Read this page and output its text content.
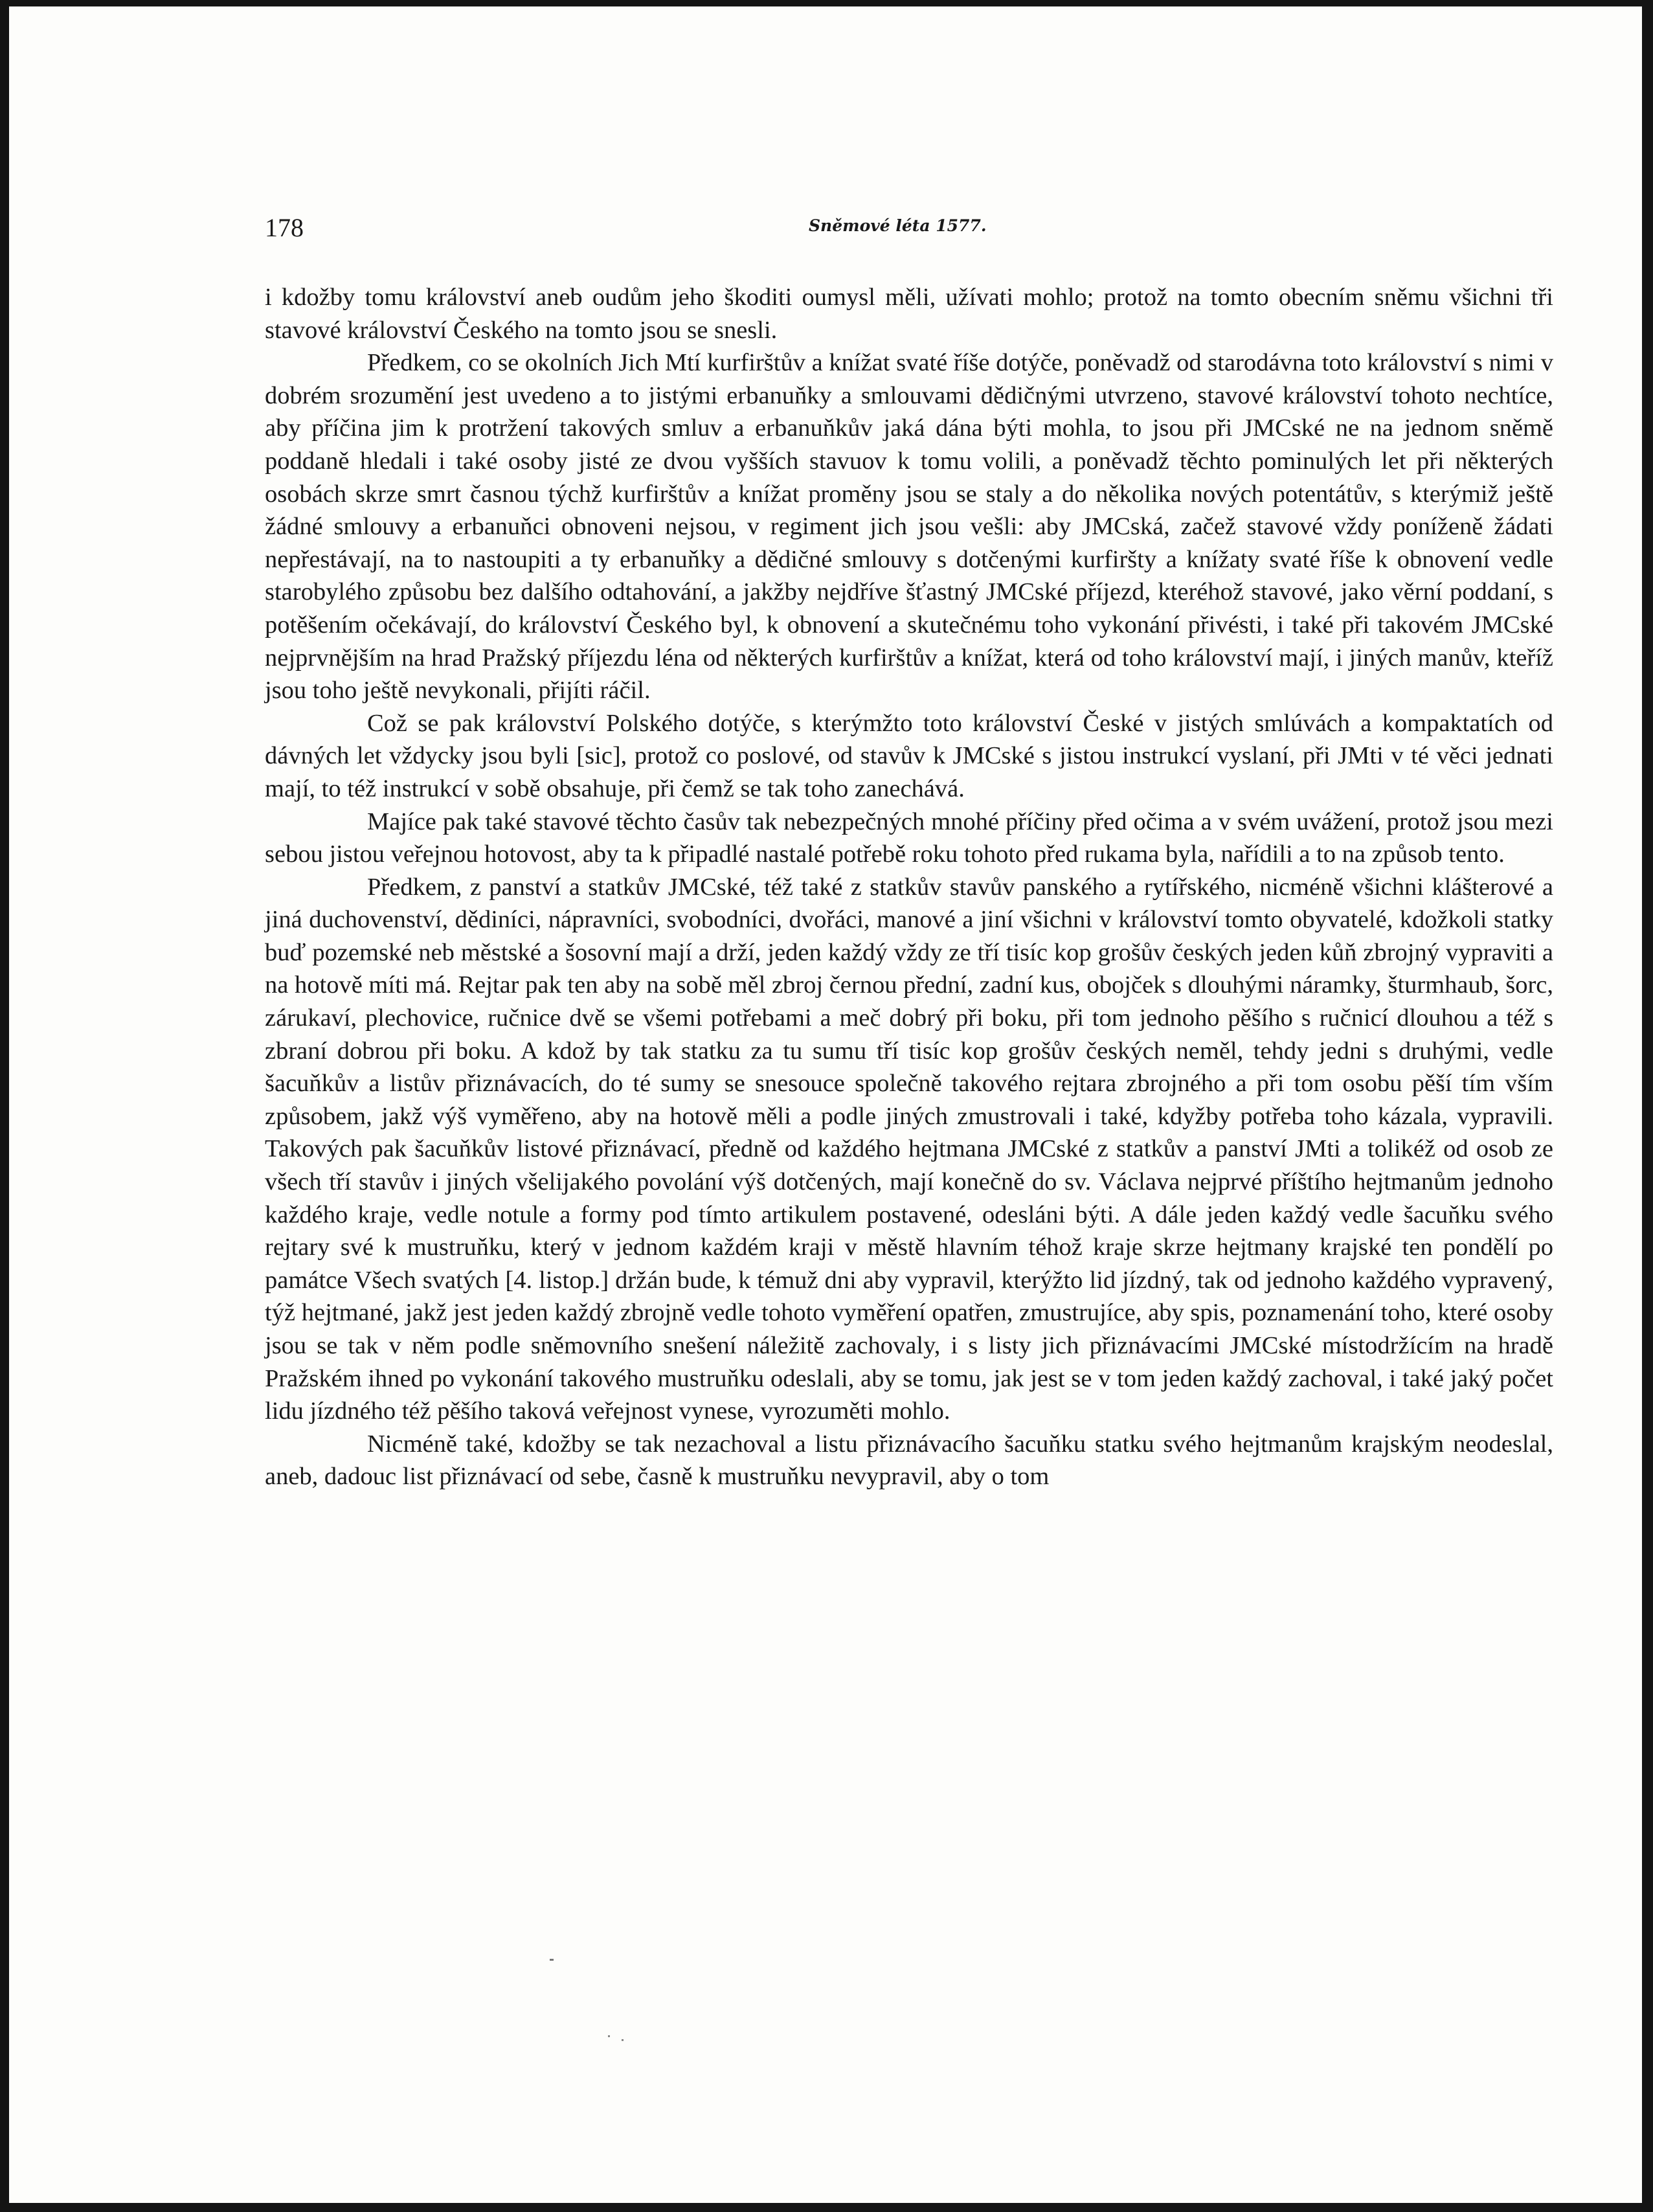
178	Sněmové léta 1577.

i kdožby tomu království aneb oudům jeho škoditi oumysl měli, užívati mohlo; protož na tomto obecním sněmu všichni tři stavové království Českého na tomto jsou se snesli.

Předkem, co se okolních Jich Mtí kurfirštův a knížat svaté říše dotýče, poněvadž od starodávna toto království s nimi v dobrém srozumění jest uvedeno a to jistými erbanuňky a smlouvami dědičnými utvrzeno, stavové království tohoto nechtíce, aby příčina jim k protržení takových smluv a erbanuňkův jaká dána býti mohla, to jsou při JMCské ne na jednom sněmě poddaně hledali i také osoby jisté ze dvou vyšších stavuov k tomu volili, a poněvadž těchto pominulých let při některých osobách skrze smrt časnou týchž kurfirštův a knížat proměny jsou se staly a do několika nových potentátův, s kterýmiž ještě žádné smlouvy a erbanuňci obnoveni nejsou, v regiment jich jsou vešli: aby JMCská, začež stavové vždy poníženě žádati nepřestávají, na to nastoupiti a ty erbanuňky a dědičné smlouvy s dotčenými kurfiršty a knížaty svaté říše k obnovení vedle starobylého způsobu bez dalšího odtahování, a jakžby nejdříve šťastný JMCské příjezd, kteréhož stavové, jako věrní poddaní, s potěšením očekávají, do království Českého byl, k obnovení a skutečnému toho vykonání přivésti, i také při takovém JMCské nejprvnějším na hrad Pražský příjezdu léna od některých kurfirštův a knížat, která od toho království mají, i jiných manův, kteříž jsou toho ještě nevykonali, přijíti ráčil.

Což se pak království Polského dotýče, s kterýmžto toto království České v jistých smlúvách a kompaktatích od dávných let vždycky jsou byli [sic], protož co poslové, od stavův k JMCské s jistou instrukcí vyslaní, při JMti v té věci jednati mají, to též instrukcí v sobě obsahuje, při čemž se tak toho zanechává.

Majíce pak také stavové těchto časův tak nebezpečných mnohé příčiny před očima a v svém uvážení, protož jsou mezi sebou jistou veřejnou hotovost, aby ta k připadlé nastalé potřebě roku tohoto před rukama byla, nařídili a to na způsob tento.

Předkem, z panství a statkův JMCské, též také z statkův stavův panského a rytířského, nicméně všichni klášterové a jiná duchovenství, dědiníci, nápravníci, svobodníci, dvořáci, manové a jiní všichni v království tomto obyvatelé, kdožkoli statky buď pozemské neb městské a šosovní mají a drží, jeden každý vždy ze tří tisíc kop grošův českých jeden kůň zbrojný vypraviti a na hotově míti má. Rejtar pak ten aby na sobě měl zbroj černou přední, zadní kus, obojček s dlouhými náramky, šturmhaub, šorc, zárukaví, plechovice, ručnice dvě se všemi potřebami a meč dobrý při boku, při tom jednoho pěšího s ručnicí dlouhou a též s zbraní dobrou při boku. A kdož by tak statku za tu sumu tří tisíc kop grošův českých neměl, tehdy jedni s druhými, vedle šacuňkův a listův přiznávacích, do té sumy se snesouce společně takového rejtara zbrojného a při tom osobu pěší tím vším způsobem, jakž výš vyměřeno, aby na hotově měli a podle jiných zmustrovali i také, kdyžby potřeba toho kázala, vypravili. Takových pak šacuňkův listové přiznávací, předně od každého hejtmana JMCské z statkův a panství JMti a tolikéž od osob ze všech tří stavův i jiných všelijakého povolání výš dotčených, mají konečně do sv. Václava nejprvé příštího hejtmanům jednoho každého kraje, vedle notule a formy pod tímto artikulem postavené, odesláni býti. A dále jeden každý vedle šacuňku svého rejtary své k mustruňku, který v jednom každém kraji v městě hlavním téhož kraje skrze hejtmany krajské ten pondělí po památce Všech svatých [4. listop.] držán bude, k témuž dni aby vypravil, kterýžto lid jízdný, tak od jednoho každého vypravený, týž hejtmané, jakž jest jeden každý zbrojně vedle tohoto vyměření opatřen, zmustrujíce, aby spis, poznamenání toho, které osoby jsou se tak v něm podle sněmovního snešení náležitě zachovaly, i s listy jich přiznávacími JMCské místodržícím na hradě Pražském ihned po vykonání takového mustruňku odeslali, aby se tomu, jak jest se v tom jeden každý zachoval, i také jaký počet lidu jízdného též pěšího taková veřejnost vynese, vyrozuměti mohlo.

Nicméně také, kdožby se tak nezachoval a listu přiznávacího šacuňku statku svého hejtmanům krajským neodeslal, aneb, dadouc list přiznávací od sebe, časně k mustruňku nevypravil, aby o tom
